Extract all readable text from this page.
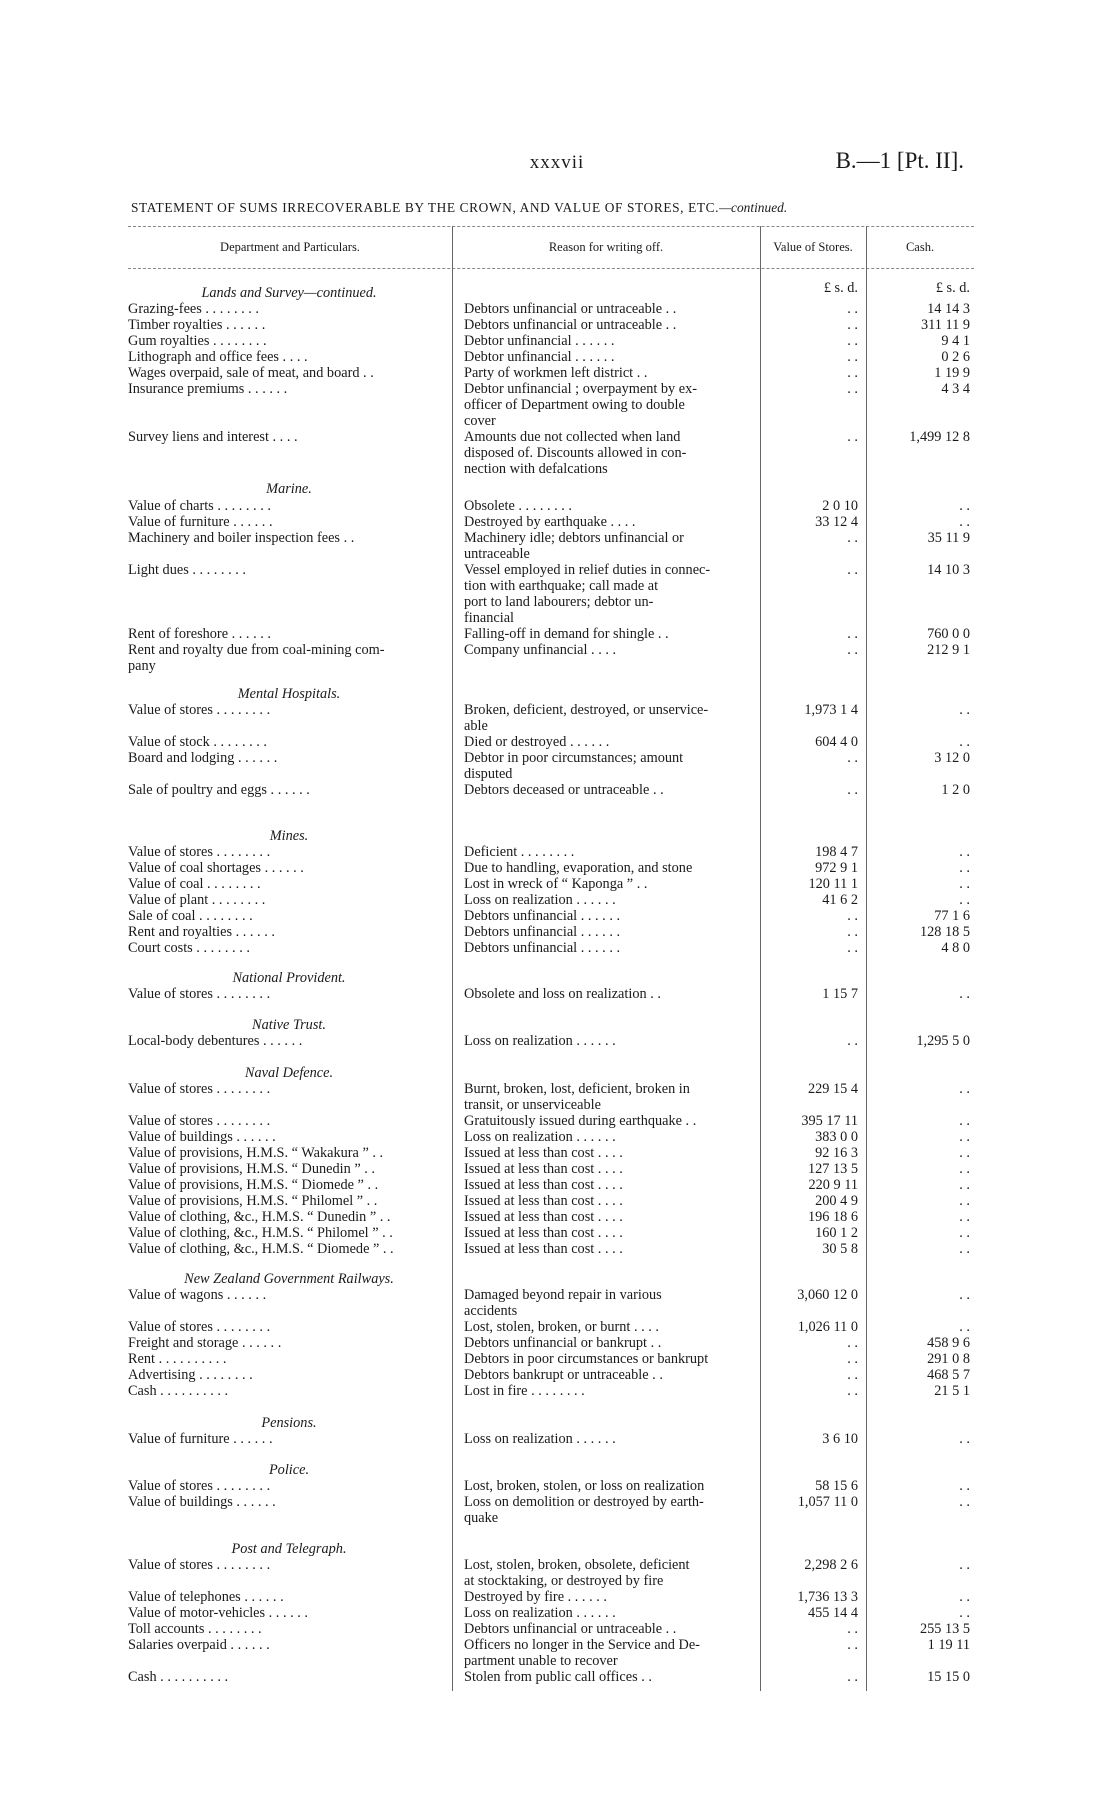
xxxvii	B.—1 [Pt. II].
STATEMENT OF SUMS IRRECOVERABLE BY THE CROWN, AND VALUE OF STORES, ETC.—continued.
Department and Particulars.	Reason for writing off.	Value of Stores.	Cash.
£ s. d.	£ s. d.
Lands and Survey—continued.
Grazing-fees . . . . . . . .	Debtors unfinancial or untraceable . .	. .	14 14 3
Timber royalties . . . . . .	Debtors unfinancial or untraceable . .	. .	311 11 9
Gum royalties . . . . . . . .	Debtor unfinancial . . . . . .	. .	9 4 1
Lithograph and office fees . . . .	Debtor unfinancial . . . . . .	. .	0 2 6
Wages overpaid, sale of meat, and board . .	Party of workmen left district . .	. .	1 19 9
Insurance premiums . . . . . .	Debtor unfinancial ; overpayment by ex-	. .	4 3 4
officer of Department owing to double
cover
Survey liens and interest . . . .	Amounts due not collected when land	. .	1,499 12 8
disposed of. Discounts allowed in con-
nection with defalcations
Marine.
Value of charts . . . . . . . .	Obsolete . . . . . . . .	2 0 10	. .
Value of furniture . . . . . .	Destroyed by earthquake . . . .	33 12 4	. .
Machinery and boiler inspection fees . .	Machinery idle; debtors unfinancial or	. .	35 11 9
untraceable
Light dues . . . . . . . .	Vessel employed in relief duties in connec-	. .	14 10 3
tion with earthquake; call made at
port to land labourers; debtor un-
financial
Rent of foreshore . . . . . .	Falling-off in demand for shingle . .	. .	760 0 0
Rent and royalty due from coal-mining com-	Company unfinancial . . . .	. .	212 9 1
pany
Mental Hospitals.
Value of stores . . . . . . . .	Broken, deficient, destroyed, or unservice-	1,973 1 4	. .
able
Value of stock . . . . . . . .	Died or destroyed . . . . . .	604 4 0	. .
Board and lodging . . . . . .	Debtor in poor circumstances; amount	. .	3 12 0
disputed
Sale of poultry and eggs . . . . . .	Debtors deceased or untraceable . .	. .	1 2 0
Mines.
Value of stores . . . . . . . .	Deficient . . . . . . . .	198 4 7	. .
Value of coal shortages . . . . . .	Due to handling, evaporation, and stone	972 9 1	. .
Value of coal . . . . . . . .	Lost in wreck of “ Kaponga ” . .	120 11 1	. .
Value of plant . . . . . . . .	Loss on realization . . . . . .	41 6 2	. .
Sale of coal . . . . . . . .	Debtors unfinancial . . . . . .	. .	77 1 6
Rent and royalties . . . . . .	Debtors unfinancial . . . . . .	. .	128 18 5
Court costs . . . . . . . .	Debtors unfinancial . . . . . .	. .	4 8 0
National Provident.
Value of stores . . . . . . . .	Obsolete and loss on realization . .	1 15 7	. .
Native Trust.
Local-body debentures . . . . . .	Loss on realization . . . . . .	. .	1,295 5 0
Naval Defence.
Value of stores . . . . . . . .	Burnt, broken, lost, deficient, broken in	229 15 4	. .
transit, or unserviceable
Value of stores . . . . . . . .	Gratuitously issued during earthquake . .	395 17 11	. .
Value of buildings . . . . . .	Loss on realization . . . . . .	383 0 0	. .
Value of provisions, H.M.S. “ Wakakura ” . .	Issued at less than cost . . . .	92 16 3	. .
Value of provisions, H.M.S. “ Dunedin ” . .	Issued at less than cost . . . .	127 13 5	. .
Value of provisions, H.M.S. “ Diomede ” . .	Issued at less than cost . . . .	220 9 11	. .
Value of provisions, H.M.S. “ Philomel ” . .	Issued at less than cost . . . .	200 4 9	. .
Value of clothing, &c., H.M.S. “ Dunedin ” . .	Issued at less than cost . . . .	196 18 6	. .
Value of clothing, &c., H.M.S. “ Philomel ” . .	Issued at less than cost . . . .	160 1 2	. .
Value of clothing, &c., H.M.S. “ Diomede ” . .	Issued at less than cost . . . .	30 5 8	. .
New Zealand Government Railways.
Value of wagons . . . . . .	Damaged beyond repair in various	3,060 12 0	. .
accidents
Value of stores . . . . . . . .	Lost, stolen, broken, or burnt . . . .	1,026 11 0	. .
Freight and storage . . . . . .	Debtors unfinancial or bankrupt . .	. .	458 9 6
Rent . . . . . . . . . .	Debtors in poor circumstances or bankrupt	. .	291 0 8
Advertising . . . . . . . .	Debtors bankrupt or untraceable . .	. .	468 5 7
Cash . . . . . . . . . .	Lost in fire . . . . . . . .	. .	21 5 1
Pensions.
Value of furniture . . . . . .	Loss on realization . . . . . .	3 6 10	. .
Police.
Value of stores . . . . . . . .	Lost, broken, stolen, or loss on realization	58 15 6	. .
Value of buildings . . . . . .	Loss on demolition or destroyed by earth-	1,057 11 0	. .
quake
Post and Telegraph.
Value of stores . . . . . . . .	Lost, stolen, broken, obsolete, deficient	2,298 2 6	. .
at stocktaking, or destroyed by fire
Value of telephones . . . . . .	Destroyed by fire . . . . . .	1,736 13 3	. .
Value of motor-vehicles . . . . . .	Loss on realization . . . . . .	455 14 4	. .
Toll accounts . . . . . . . .	Debtors unfinancial or untraceable . .	. .	255 13 5
Salaries overpaid . . . . . .	Officers no longer in the Service and De-	. .	1 19 11
partment unable to recover
Cash . . . . . . . . . .	Stolen from public call offices . .	. .	15 15 0
